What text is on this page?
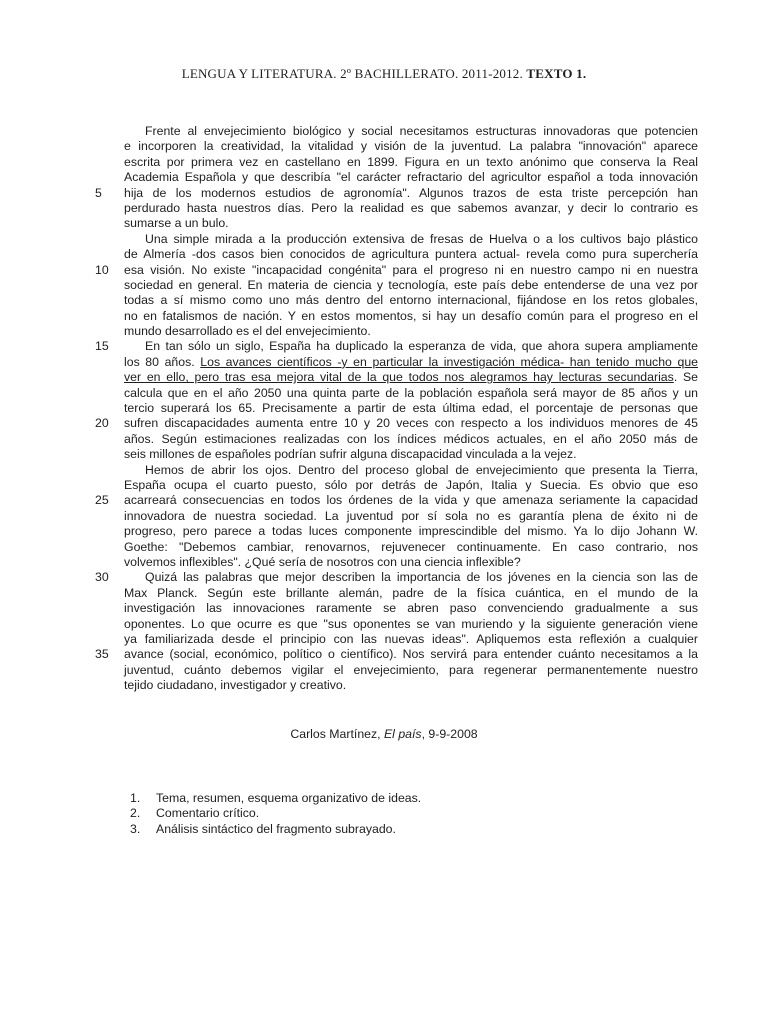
LENGUA Y LITERATURA. 2º BACHILLERATO. 2011-2012. TEXTO 1.
Frente al envejecimiento biológico y social necesitamos estructuras innovadoras que potencien
e incorporen la creatividad, la vitalidad y visión de la juventud. La palabra "innovación" aparece
escrita por primera vez en castellano en 1899. Figura en un texto anónimo que conserva la Real
Academia Española y que describía "el carácter refractario del agricultor español a toda innovación
5	hija de los modernos estudios de agronomía". Algunos trazos de esta triste percepción han
perdurado hasta nuestros días. Pero la realidad es que sabemos avanzar, y decir lo contrario es
sumarse a un bulo.
Una simple mirada a la producción extensiva de fresas de Huelva o a los cultivos bajo plástico
de Almería -dos casos bien conocidos de agricultura puntera actual- revela como pura superchería
10	esa visión. No existe "incapacidad congénita" para el progreso ni en nuestro campo ni en nuestra
sociedad en general. En materia de ciencia y tecnología, este país debe entenderse de una vez por
todas a sí mismo como uno más dentro del entorno internacional, fijándose en los retos globales,
no en fatalismos de nación. Y en estos momentos, si hay un desafío común para el progreso en el
mundo desarrollado es el del envejecimiento.
15	En tan sólo un siglo, España ha duplicado la esperanza de vida, que ahora supera ampliamente
los 80 años. Los avances científicos -y en particular la investigación médica- han tenido mucho que
ver en ello, pero tras esa mejora vital de la que todos nos alegramos hay lecturas secundarias. Se
calcula que en el año 2050 una quinta parte de la población española será mayor de 85 años y un
tercio superará los 65. Precisamente a partir de esta última edad, el porcentaje de personas que
20	sufren discapacidades aumenta entre 10 y 20 veces con respecto a los individuos menores de 45
años. Según estimaciones realizadas con los índices médicos actuales, en el año 2050 más de
seis millones de españoles podrían sufrir alguna discapacidad vinculada a la vejez.
Hemos de abrir los ojos. Dentro del proceso global de envejecimiento que presenta la Tierra,
España ocupa el cuarto puesto, sólo por detrás de Japón, Italia y Suecia. Es obvio que eso
25	acarreará consecuencias en todos los órdenes de la vida y que amenaza seriamente la capacidad
innovadora de nuestra sociedad. La juventud por sí sola no es garantía plena de éxito ni de
progreso, pero parece a todas luces componente imprescindible del mismo. Ya lo dijo Johann W.
Goethe: "Debemos cambiar, renovarnos, rejuvenecer continuamente. En caso contrario, nos
volvemos inflexibles". ¿Qué sería de nosotros con una ciencia inflexible?
30	Quizá las palabras que mejor describen la importancia de los jóvenes en la ciencia son las de
Max Planck. Según este brillante alemán, padre de la física cuántica, en el mundo de la
investigación las innovaciones raramente se abren paso convenciendo gradualmente a sus
oponentes. Lo que ocurre es que "sus oponentes se van muriendo y la siguiente generación viene
ya familiarizada desde el principio con las nuevas ideas". Apliquemos esta reflexión a cualquier
35	avance (social, económico, político o científico). Nos servirá para entender cuánto necesitamos a la
juventud, cuánto debemos vigilar el envejecimiento, para regenerar permanentemente nuestro
tejido ciudadano, investigador y creativo.
Carlos Martínez, El país, 9-9-2008
1. Tema, resumen, esquema organizativo de ideas.
2. Comentario crítico.
3. Análisis sintáctico del fragmento subrayado.
